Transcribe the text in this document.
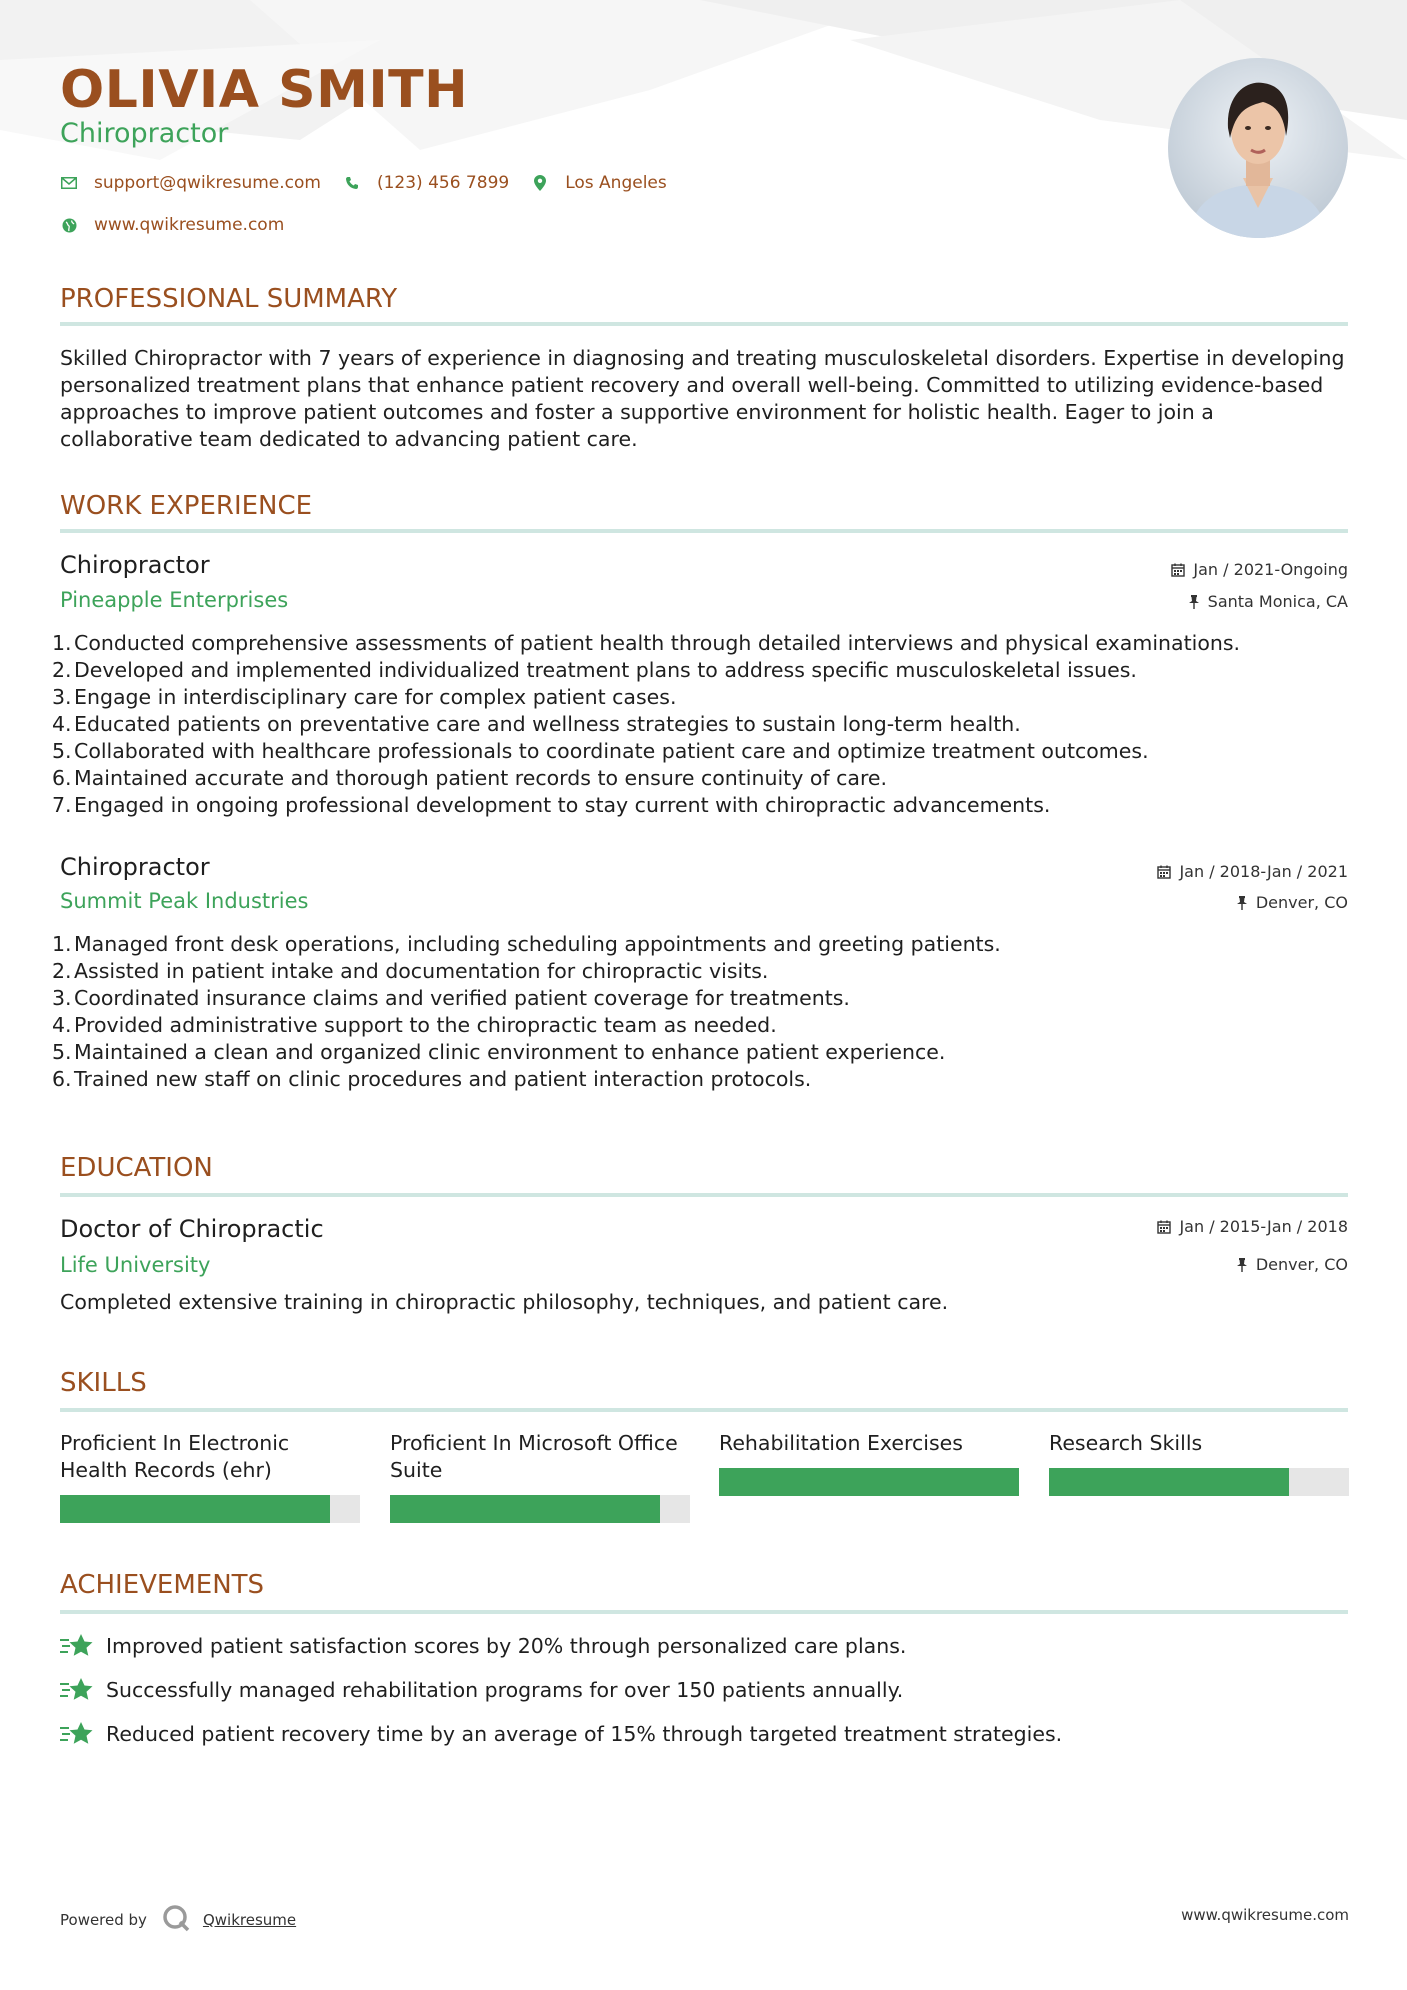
OLIVIA SMITH
Chiropractor
support@qwikresume.com	(123) 456 7899	Los Angeles
www.qwikresume.com
PROFESSIONAL SUMMARY
Skilled Chiropractor with 7 years of experience in diagnosing and treating musculoskeletal disorders. Expertise in developing personalized treatment plans that enhance patient recovery and overall well-being. Committed to utilizing evidence-based approaches to improve patient outcomes and foster a supportive environment for holistic health. Eager to join a collaborative team dedicated to advancing patient care.
WORK EXPERIENCE
Chiropractor	Jan / 2021-Ongoing
Pineapple Enterprises	Santa Monica, CA
1. Conducted comprehensive assessments of patient health through detailed interviews and physical examinations.
2. Developed and implemented individualized treatment plans to address specific musculoskeletal issues.
3. Engage in interdisciplinary care for complex patient cases.
4. Educated patients on preventative care and wellness strategies to sustain long-term health.
5. Collaborated with healthcare professionals to coordinate patient care and optimize treatment outcomes.
6. Maintained accurate and thorough patient records to ensure continuity of care.
7. Engaged in ongoing professional development to stay current with chiropractic advancements.
Chiropractor	Jan / 2018-Jan / 2021
Summit Peak Industries	Denver, CO
1. Managed front desk operations, including scheduling appointments and greeting patients.
2. Assisted in patient intake and documentation for chiropractic visits.
3. Coordinated insurance claims and verified patient coverage for treatments.
4. Provided administrative support to the chiropractic team as needed.
5. Maintained a clean and organized clinic environment to enhance patient experience.
6. Trained new staff on clinic procedures and patient interaction protocols.
EDUCATION
Doctor of Chiropractic	Jan / 2015-Jan / 2018
Life University	Denver, CO
Completed extensive training in chiropractic philosophy, techniques, and patient care.
SKILLS
Proficient In Electronic Health Records (ehr)
Proficient In Microsoft Office Suite
Rehabilitation Exercises	Research Skills
ACHIEVEMENTS
Improved patient satisfaction scores by 20% through personalized care plans.
Successfully managed rehabilitation programs for over 150 patients annually.
Reduced patient recovery time by an average of 15% through targeted treatment strategies.
Powered by	Qwikresume	www.qwikresume.com
